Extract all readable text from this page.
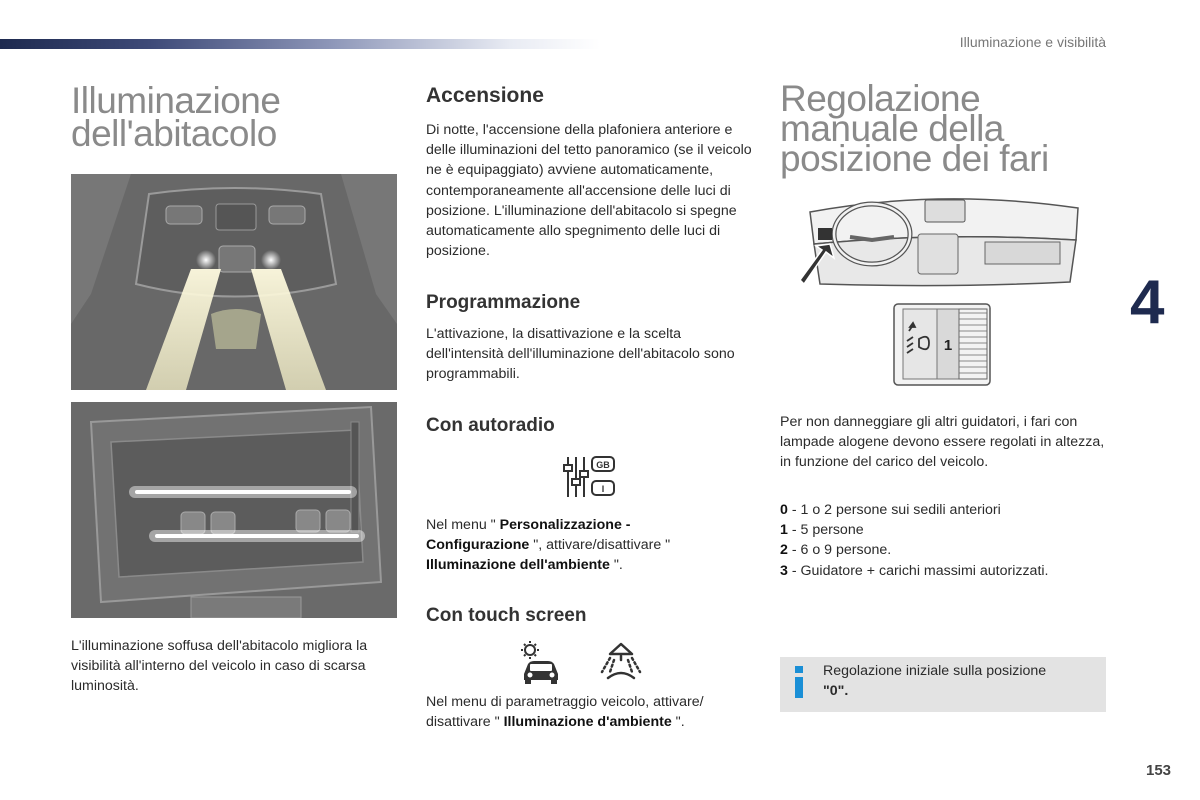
Illuminazione e visibilità
Illuminazione
dell'abitacolo
L'illuminazione soffusa dell'abitacolo migliora la visibilità all'interno del veicolo in caso di scarsa luminosità.
Accensione
Di notte, l'accensione della plafoniera anteriore e delle illuminazioni del tetto panoramico (se il veicolo ne è equipaggiato) avviene automaticamente, contemporaneamente all'accensione delle luci di posizione. L'illuminazione dell'abitacolo si spegne automaticamente allo spegnimento delle luci di posizione.
Programmazione
L'attivazione, la disattivazione e la scelta dell'intensità dell'illuminazione dell'abitacolo sono programmabili.
Con autoradio
GB
I
Nel menu " Personalizzazione - Configurazione ", attivare/disattivare " Illuminazione dell'ambiente ".
Con touch screen
Nel menu di parametraggio veicolo, attivare/ disattivare " Illuminazione d'ambiente ".
Regolazione
manuale della
posizione dei fari
1
4
Per non danneggiare gli altri guidatori, i fari con lampade alogene devono essere regolati in altezza, in funzione del carico del veicolo.
0 - 1 o 2 persone sui sedili anteriori
1 - 5 persone
2 - 6 o 9 persone.
3 - Guidatore + carichi massimi autorizzati.
Regolazione iniziale sulla posizione
"0".
153
